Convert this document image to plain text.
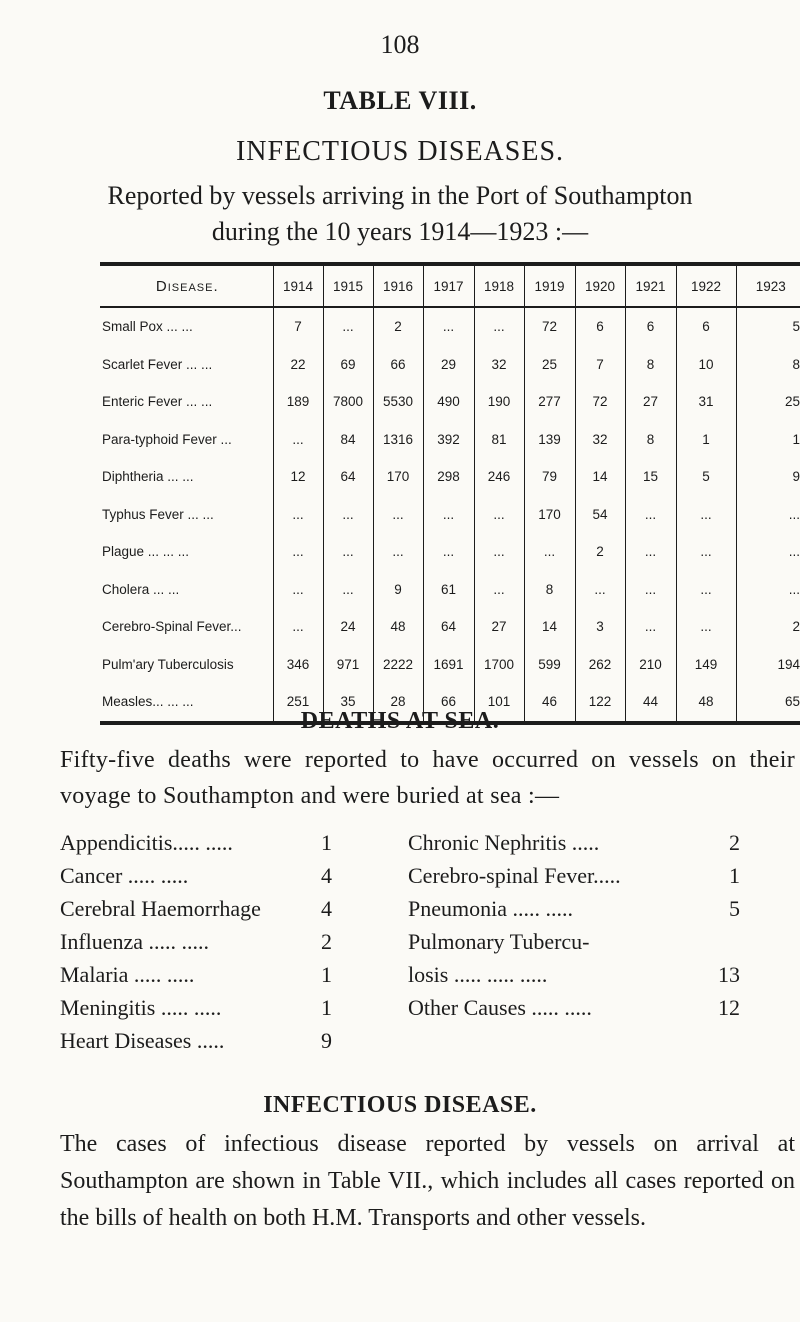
108
TABLE VIII.
INFECTIOUS DISEASES.
Reported by vessels arriving in the Port of Southampton
during the 10 years 1914—1923 :—
Disease.	1914	1915	1916	1917	1918	1919	1920	1921	1922	1923
Small Pox ... ...	7	...	2	...	...	72	6	6	6	5
Scarlet Fever ... ...	22	69	66	29	32	25	7	8	10	8
Enteric Fever ... ...	189	7800	5530	490	190	277	72	27	31	25
Para-typhoid Fever ...	...	84	1316	392	81	139	32	8	1	1
Diphtheria ... ...	12	64	170	298	246	79	14	15	5	9
Typhus Fever ... ...	...	...	...	...	...	170	54	...	...	...
Plague ... ... ...	...	...	...	...	...	...	2	...	...	...
Cholera ... ...	...	...	9	61	...	8	...	...	...	...
Cerebro-Spinal Fever...	...	24	48	64	27	14	3	...	...	2
Pulm'ary Tuberculosis	346	971	2222	1691	1700	599	262	210	149	194
Measles... ... ...	251	35	28	66	101	46	122	44	48	65
DEATHS AT SEA.
Fifty-five deaths were reported to have occurred on vessels on their voyage to Southampton and were buried at sea :—
Appendicitis..... .....	1
Cancer ..... .....	4
Cerebral Haemorrhage	4
Influenza ..... .....	2
Malaria ..... .....	1
Meningitis ..... .....	1
Heart Diseases .....	9
Chronic Nephritis .....	2
Cerebro-spinal Fever.....	1
Pneumonia ..... .....	5
Pulmonary Tubercu-
losis ..... ..... .....	13
Other Causes ..... .....	12
INFECTIOUS DISEASE.
The cases of infectious disease reported by vessels on arrival at Southampton are shown in Table VII., which includes all cases reported on the bills of health on both H.M. Transports and other vessels.
